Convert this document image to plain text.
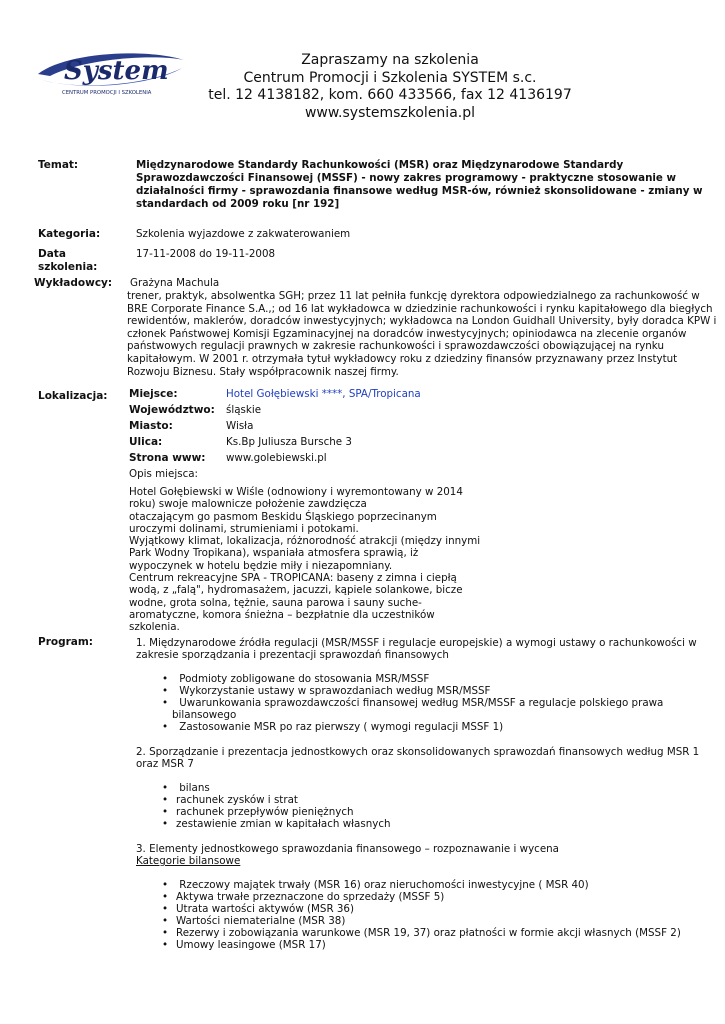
System
CENTRUM PROMOCJI I SZKOLENIA
Zapraszamy na szkolenia
Centrum Promocji i Szkolenia SYSTEM s.c.
tel. 12 4138182, kom. 660 433566, fax 12 4136197
www.systemszkolenia.pl
Temat:	Międzynarodowe Standardy Rachunkowości (MSR) oraz Międzynarodowe Standardy
Sprawozdawczości Finansowej (MSSF) - nowy zakres programowy - praktyczne stosowanie w
działalności firmy - sprawozdania finansowe według MSR-ów, również skonsolidowane - zmiany w
standardach od 2009 roku [nr 192]
Kategoria:	Szkolenia wyjazdowe z zakwaterowaniem
Data
szkolenia:
17-11-2008 do 19-11-2008
Wykładowcy: Grażyna Machula
trener, praktyk, absolwentka SGH; przez 11 lat pełniła funkcję dyrektora odpowiedzialnego za rachunkowość w
BRE Corporate Finance S.A.,; od 16 lat wykładowca w dziedzinie rachunkowości i rynku kapitałowego dla biegłych
rewidentów, maklerów, doradców inwestycyjnych; wykładowca na London Guidhall University, były doradca KPW i
członek Państwowej Komisji Egzaminacyjnej na doradców inwestycyjnych; opiniodawca na zlecenie organów
państwowych regulacji prawnych w zakresie rachunkowości i sprawozdawczości obowiązującej na rynku
kapitałowym. W 2001 r. otrzymała tytuł wykładowcy roku z dziedziny finansów przyznawany przez Instytut
Rozwoju Biznesu. Stały współpracownik naszej firmy.
Lokalizacja: Miejsce:	Hotel Gołębiewski ****, SPA/Tropicana
Województwo: śląskie
Miasto:	Wisła
Ulica:	Ks.Bp Juliusza Bursche 3
Strona www: www.golebiewski.pl
Opis miejsca:
Hotel Gołębiewski w Wiśle (odnowiony i wyremontowany w 2014
roku) swoje malownicze położenie zawdzięcza
otaczającym go pasmom Beskidu Śląskiego poprzecinanym
uroczymi dolinami, strumieniami i potokami.
Wyjątkowy klimat, lokalizacja, różnorodność atrakcji (między innymi
Park Wodny Tropikana), wspaniała atmosfera sprawią, iż
wypoczynek w hotelu będzie miły i niezapomniany.
Centrum rekreacyjne SPA - TROPICANA: baseny z zimna i ciepłą
wodą, z „falą", hydromasażem, jacuzzi, kąpiele solankowe, bicze
wodne, grota solna, tężnie, sauna parowa i sauny suche-
aromatyczne, komora śnieżna – bezpłatnie dla uczestników
szkolenia.
Program:	1. Międzynarodowe źródła regulacji (MSR/MSSF i regulacje europejskie) a wymogi ustawy o rachunkowości w
zakresie sporządzania i prezentacji sprawozdań finansowych
• Podmioty zobligowane do stosowania MSR/MSSF
• Wykorzystanie ustawy w sprawozdaniach według MSR/MSSF
• Uwarunkowania sprawozdawczości finansowej według MSR/MSSF a regulacje polskiego prawa
bilansowego
• Zastosowanie MSR po raz pierwszy ( wymogi regulacji MSSF 1)
2. Sporządzanie i prezentacja jednostkowych oraz skonsolidowanych sprawozdań finansowych według MSR 1
oraz MSR 7
• bilans
• rachunek zysków i strat
• rachunek przepływów pieniężnych
• zestawienie zmian w kapitałach własnych
3. Elementy jednostkowego sprawozdania finansowego – rozpoznawanie i wycena
Kategorie bilansowe
• Rzeczowy majątek trwały (MSR 16) oraz nieruchomości inwestycyjne ( MSR 40)
• Aktywa trwałe przeznaczone do sprzedaży (MSSF 5)
• Utrata wartości aktywów (MSR 36)
• Wartości niematerialne (MSR 38)
• Rezerwy i zobowiązania warunkowe (MSR 19, 37) oraz płatności w formie akcji własnych (MSSF 2)
• Umowy leasingowe (MSR 17)
